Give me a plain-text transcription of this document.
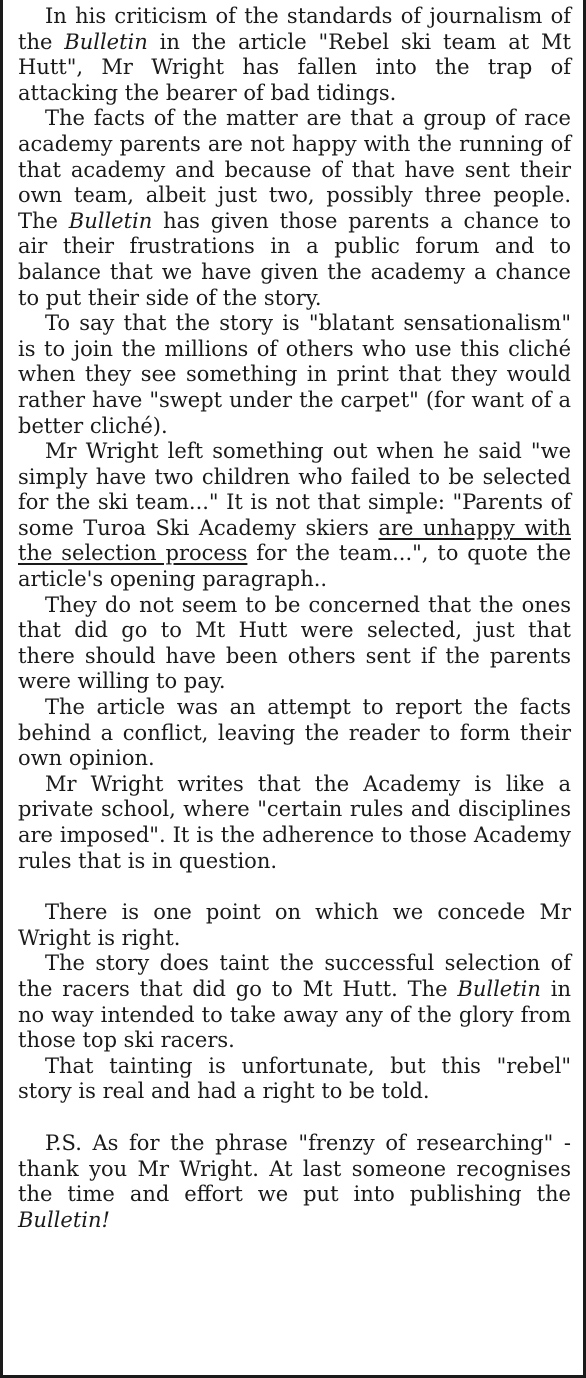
In his criticism of the standards of journalism of the Bulletin in the article "Rebel ski team at Mt Hutt", Mr Wright has fallen into the trap of attacking the bearer of bad tidings.

The facts of the matter are that a group of race academy parents are not happy with the running of that academy and because of that have sent their own team, albeit just two, possibly three people. The Bulletin has given those parents a chance to air their frustrations in a public forum and to balance that we have given the academy a chance to put their side of the story.

To say that the story is "blatant sensationalism" is to join the millions of others who use this cliché when they see something in print that they would rather have "swept under the carpet" (for want of a better cliché).

Mr Wright left something out when he said "we simply have two children who failed to be selected for the ski team..." It is not that simple: "Parents of some Turoa Ski Academy skiers are unhappy with the selection process for the team...", to quote the article's opening paragraph..

They do not seem to be concerned that the ones that did go to Mt Hutt were selected, just that there should have been others sent if the parents were willing to pay.

The article was an attempt to report the facts behind a conflict, leaving the reader to form their own opinion.

Mr Wright writes that the Academy is like a private school, where "certain rules and disciplines are imposed". It is the adherence to those Academy rules that is in question.

There is one point on which we concede Mr Wright is right.

The story does taint the successful selection of the racers that did go to Mt Hutt. The Bulletin in no way intended to take away any of the glory from those top ski racers.

That tainting is unfortunate, but this "rebel" story is real and had a right to be told.

P.S. As for the phrase "frenzy of researching" - thank you Mr Wright. At last someone recognises the time and effort we put into publishing the Bulletin!
